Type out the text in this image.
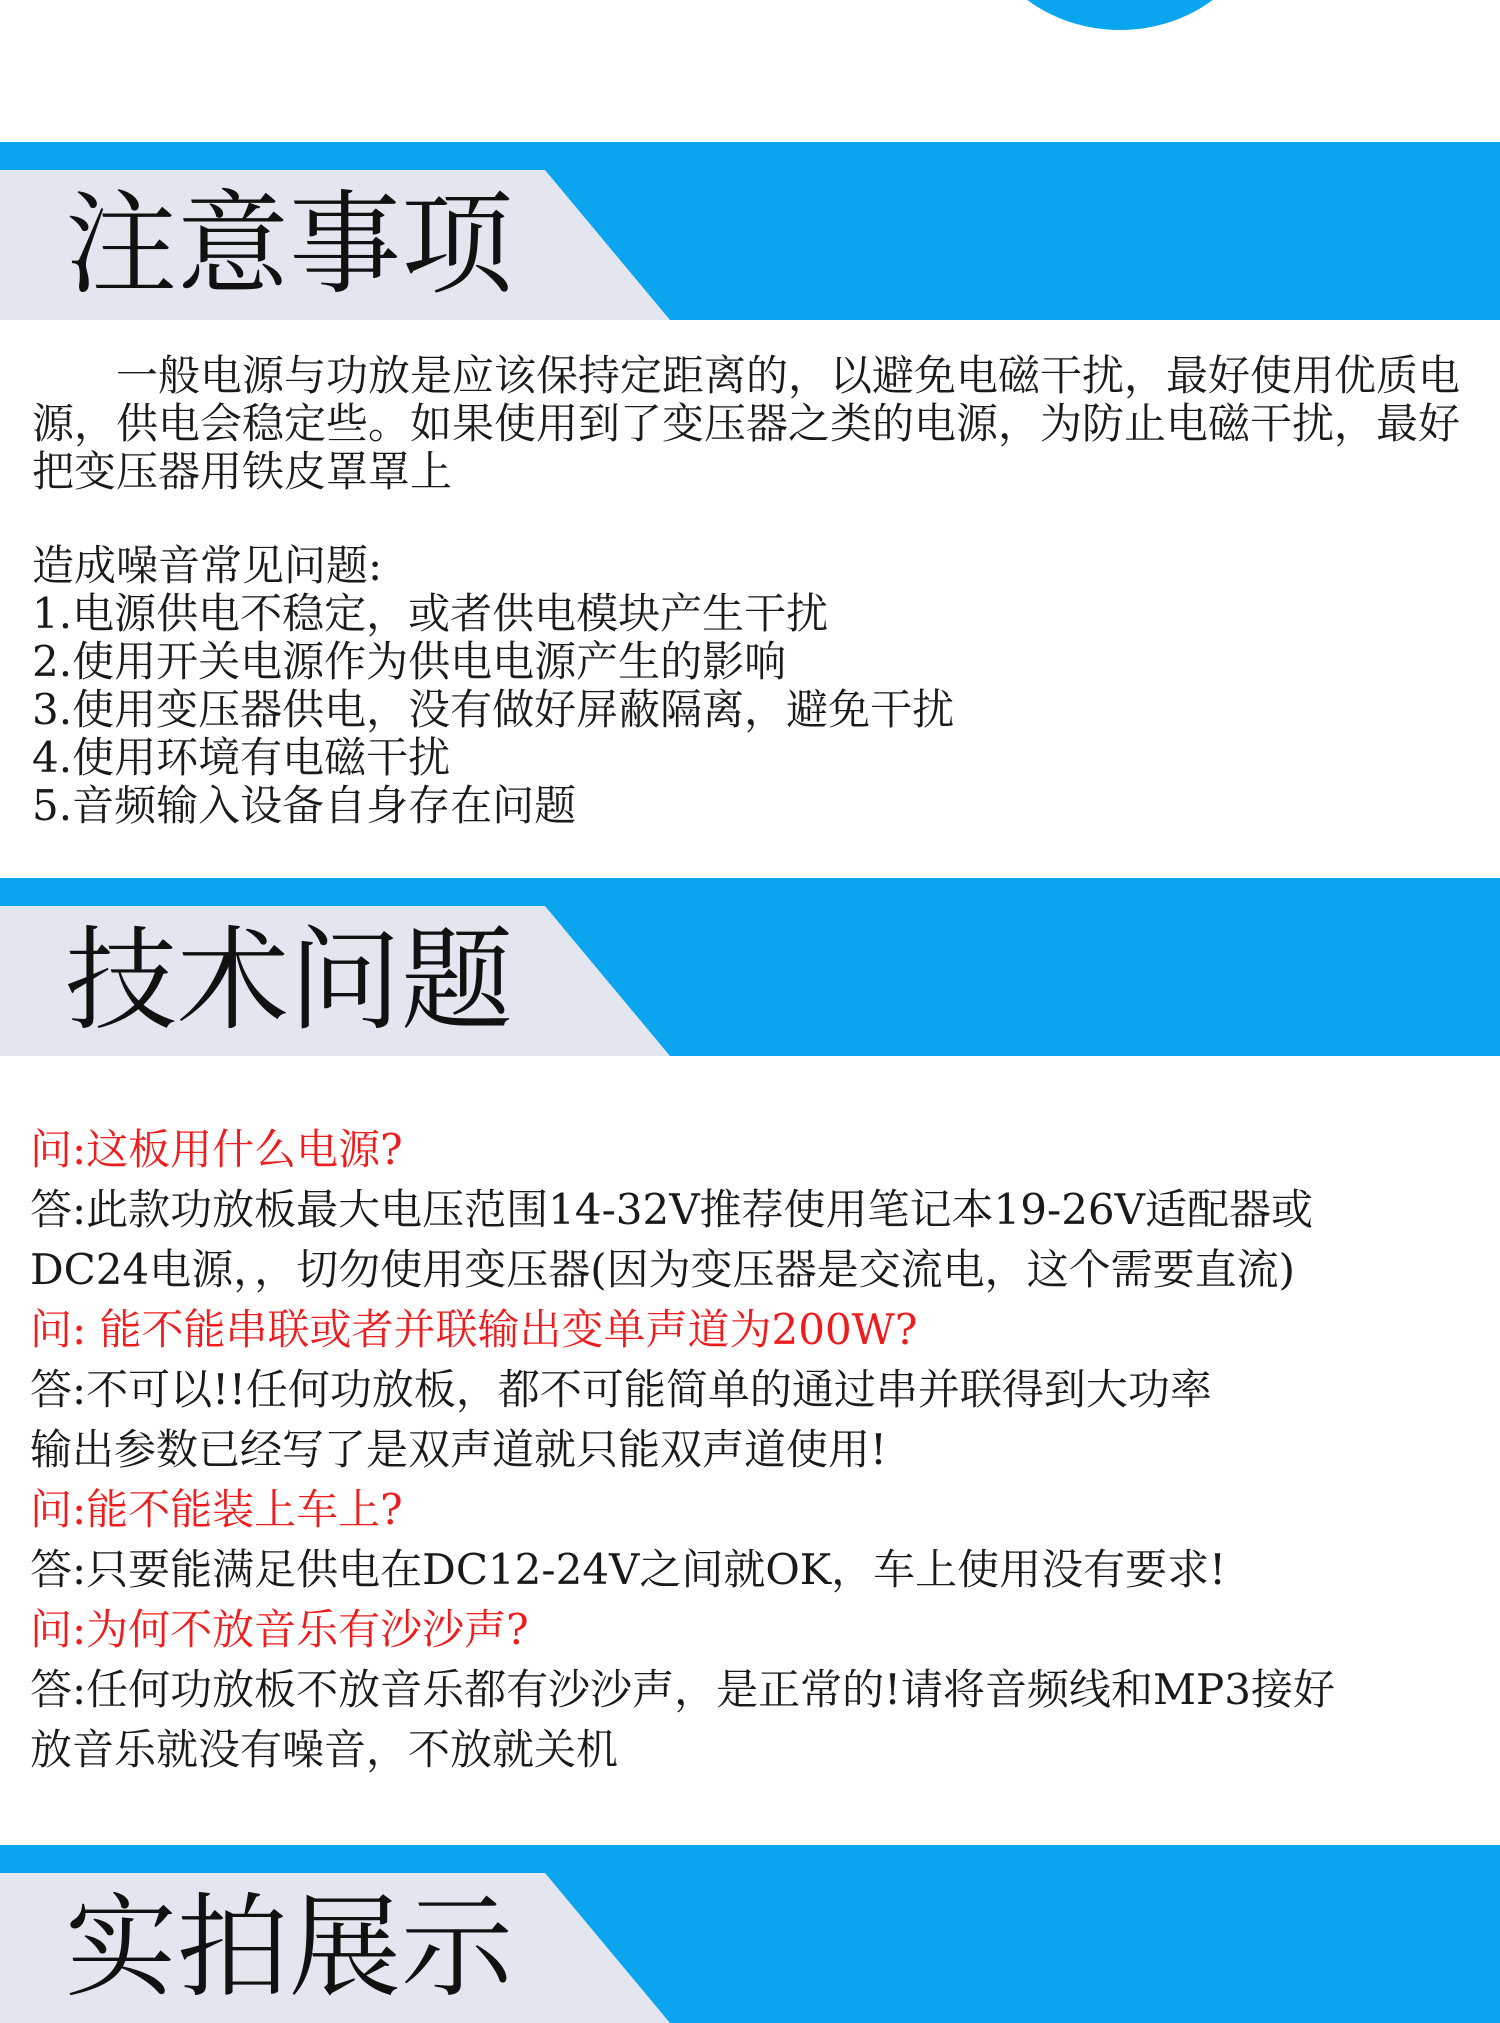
注意事项

一般电源与功放是应该保持定距离的，以避免电磁干扰，最好使用优质电源，供电会稳定些。如果使用到了变压器之类的电源，为防止电磁干扰，最好把变压器用铁皮罩罩上

造成噪音常见问题:
1.电源供电不稳定，或者供电模块产生干扰
2.使用开关电源作为供电电源产生的影响
3.使用变压器供电，没有做好屏蔽隔离，避免干扰
4.使用环境有电磁干扰
5.音频输入设备自身存在问题
技术问题
问:这板用什么电源?
答:此款功放板最大电压范围14-32V推荐使用笔记本19-26V适配器或
DC24电源，，切勿使用变压器(因为变压器是交流电，这个需要直流)
问: 能不能串联或者并联输出变单声道为200W?
答:不可以!!任何功放板，都不可能简单的通过串并联得到大功率
输出参数已经写了是双声道就只能双声道使用!
问:能不能装上车上?
答:只要能满足供电在DC12-24V之间就OK，车上使用没有要求!
问:为何不放音乐有沙沙声?
答:任何功放板不放音乐都有沙沙声，是正常的!请将音频线和MP3接好
放音乐就没有噪音，不放就关机
实拍展示
